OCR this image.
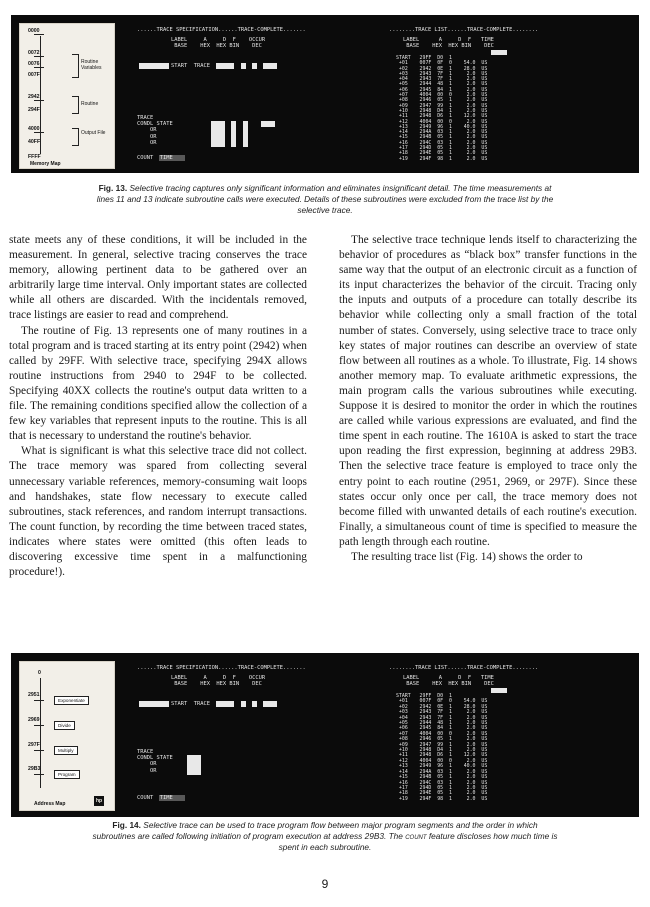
0000
0072
0076
007F
Routine Variables
2942
294F
Routine
4000
40FF
Output File
FFFF
Memory Map
......TRACE SPECIFICATION......TRACE-COMPLETE.......
LABEL     A     D  F    OCCUR
BASE    HEX  HEX BIN    DEC
START  TRACE
TRACE
CONDL STATE
OR
OR
OR
COUNT  TIME
........TRACE LIST......TRACE-COMPLETE........
LABEL      A     D  F   TIME
BASE    HEX  HEX BIN    DEC
START   29FF  D0  1
+01    007F  0F  0    54.0  US
+02    2942  0E  1    28.0  US
+03    2943  7F  1     2.0  US
+04    2943  7F  1     2.0  US
+05    2944  48  1     2.0  US
+06    2945  84  1     2.0  US
+07    4004  00  0     2.0  US
+08    2946  05  1     2.0  US
+09    2947  99  1     2.0  US
+10    2948  D4  1     2.0  US
+11    2948  D6  1    12.0  US
+12    4004  00  0     2.0  US
+13    2949  96  1    40.0  US
+14    294A  03  1     2.0  US
+15    294B  05  1     2.0  US
+16    294C  03  1     2.0  US
+17    294D  05  1     2.0  US
+18    294E  05  1     2.0  US
+19    294F  98  1     2.0  US
Fig. 13. Selective tracing captures only significant information and eliminates insignificant detail. The time measurements at lines 11 and 13 indicate subroutine calls were executed. Details of these subroutines were excluded from the trace list by the selective trace.

state meets any of these conditions, it will be included in the measurement. In general, selective tracing conserves the trace memory, allowing pertinent data to be gathered over an arbitrarily large time interval. Only important states are collected while all others are discarded. With the incidentals removed, trace listings are easier to read and comprehend.

The routine of Fig. 13 represents one of many routines in a total program and is traced starting at its entry point (2942) when called by 29FF. With selective trace, specifying 294X allows routine instructions from 2940 to 294F to be collected. Specifying 40XX collects the routine's output data written to a file. The remaining conditions specified allow the collection of a few key variables that represent inputs to the routine. This is all that is necessary to understand the routine's behavior.

What is significant is what this selective trace did not collect. The trace memory was spared from collecting several unnecessary variable references, memory-consuming wait loops and handshakes, state flow necessary to execute called subroutines, stack references, and random interrupt transactions. The count function, by recording the time between traced states, indicates where states were omitted (this often leads to discovering excessive time spent in a malfunctioning procedure!).

The selective trace technique lends itself to characterizing the behavior of procedures as “black box” transfer functions in the same way that the output of an electronic circuit as a function of its input characterizes the behavior of the circuit. Tracing only the inputs and outputs of a procedure can totally describe its behavior while collecting only a small fraction of the total number of states. Conversely, using selective trace to trace only key states of major routines can describe an overview of state flow between all routines as a whole. To illustrate, Fig. 14 shows another memory map. To evaluate arithmetic expressions, the main program calls the various subroutines while executing. Suppose it is desired to monitor the order in which the routines are called while various expressions are evaluated, and find the time spent in each routine. The 1610A is asked to start the trace upon reading the first expression, beginning at address 29B3. Then the selective trace feature is employed to trace only the entry point to each routine (2951, 2969, or 297F). Since these states occur only once per call, the trace memory does not become filled with unwanted details of each routine's execution. Finally, a simultaneous count of time is specified to measure the path length through each routine.

The resulting trace list (Fig. 14) shows the order to

0
2951
Exponentiate
2969
Divide
297F
Multiply
29B3
Program
Address Map	hp
......TRACE SPECIFICATION......TRACE-COMPLETE.......
LABEL     A     D  F    OCCUR
BASE    HEX  HEX BIN    DEC
START  TRACE
TRACE
CONDL STATE
OR
OR
COUNT  TIME
........TRACE LIST......TRACE-COMPLETE........
LABEL      A     D  F   TIME
BASE    HEX  HEX BIN    DEC
START   29FF  D0  1
+01    007F  0F  0    54.0  US
+02    2942  0E  1    28.0  US
+03    2943  7F  1     2.0  US
+04    2943  7F  1     2.0  US
+05    2944  48  1     2.0  US
+06    2945  84  1     2.0  US
+07    4004  00  0     2.0  US
+08    2946  05  1     2.0  US
+09    2947  99  1     2.0  US
+10    2948  D4  1     2.0  US
+11    2948  D6  1    12.0  US
+12    4004  00  0     2.0  US
+13    2949  96  1    40.0  US
+14    294A  03  1     2.0  US
+15    294B  05  1     2.0  US
+16    294C  03  1     2.0  US
+17    294D  05  1     2.0  US
+18    294E  05  1     2.0  US
+19    294F  98  1     2.0  US
Fig. 14. Selective trace can be used to trace program flow between major program segments and the order in which subroutines are called following initiation of program execution at address 29B3. The count feature discloses how much time is spent in each subroutine.
9
